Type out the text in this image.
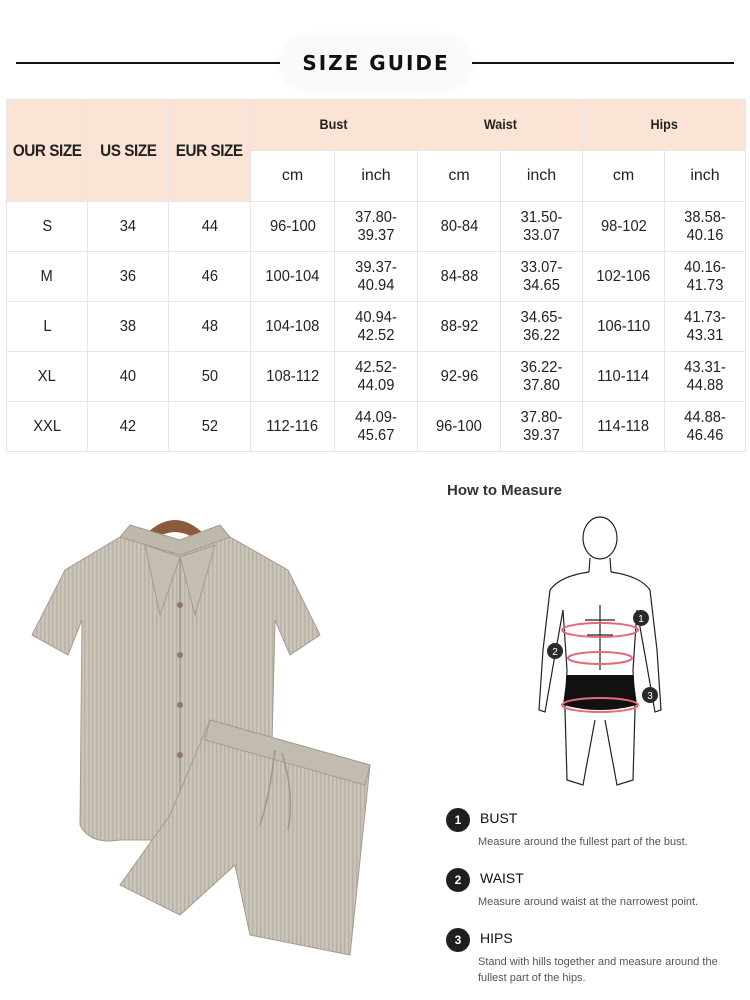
SIZE GUIDE
OUR SIZE	US SIZE	EUR SIZE	Bust		Waist		Hips	
			cm	inch	cm	inch	cm	inch
S	34	44	96-100	37.80-39.37	80-84	31.50-33.07	98-102	38.58-40.16
M	36	46	100-104	39.37-40.94	84-88	33.07-34.65	102-106	40.16-41.73
L	38	48	104-108	40.94-42.52	88-92	34.65-36.22	106-110	41.73-43.31
XL	40	50	108-112	42.52-44.09	92-96	36.22-37.80	110-114	43.31-44.88
XXL	42	52	112-116	44.09-45.67	96-100	37.80-39.37	114-118	44.88-46.46
How to Measure
1
2
3
1	BUST
Measure around the fullest part of the bust.
2	WAIST
Measure around waist at the narrowest point.
3	HIPS
Stand with hills together and measure around the fullest part of the hips.
